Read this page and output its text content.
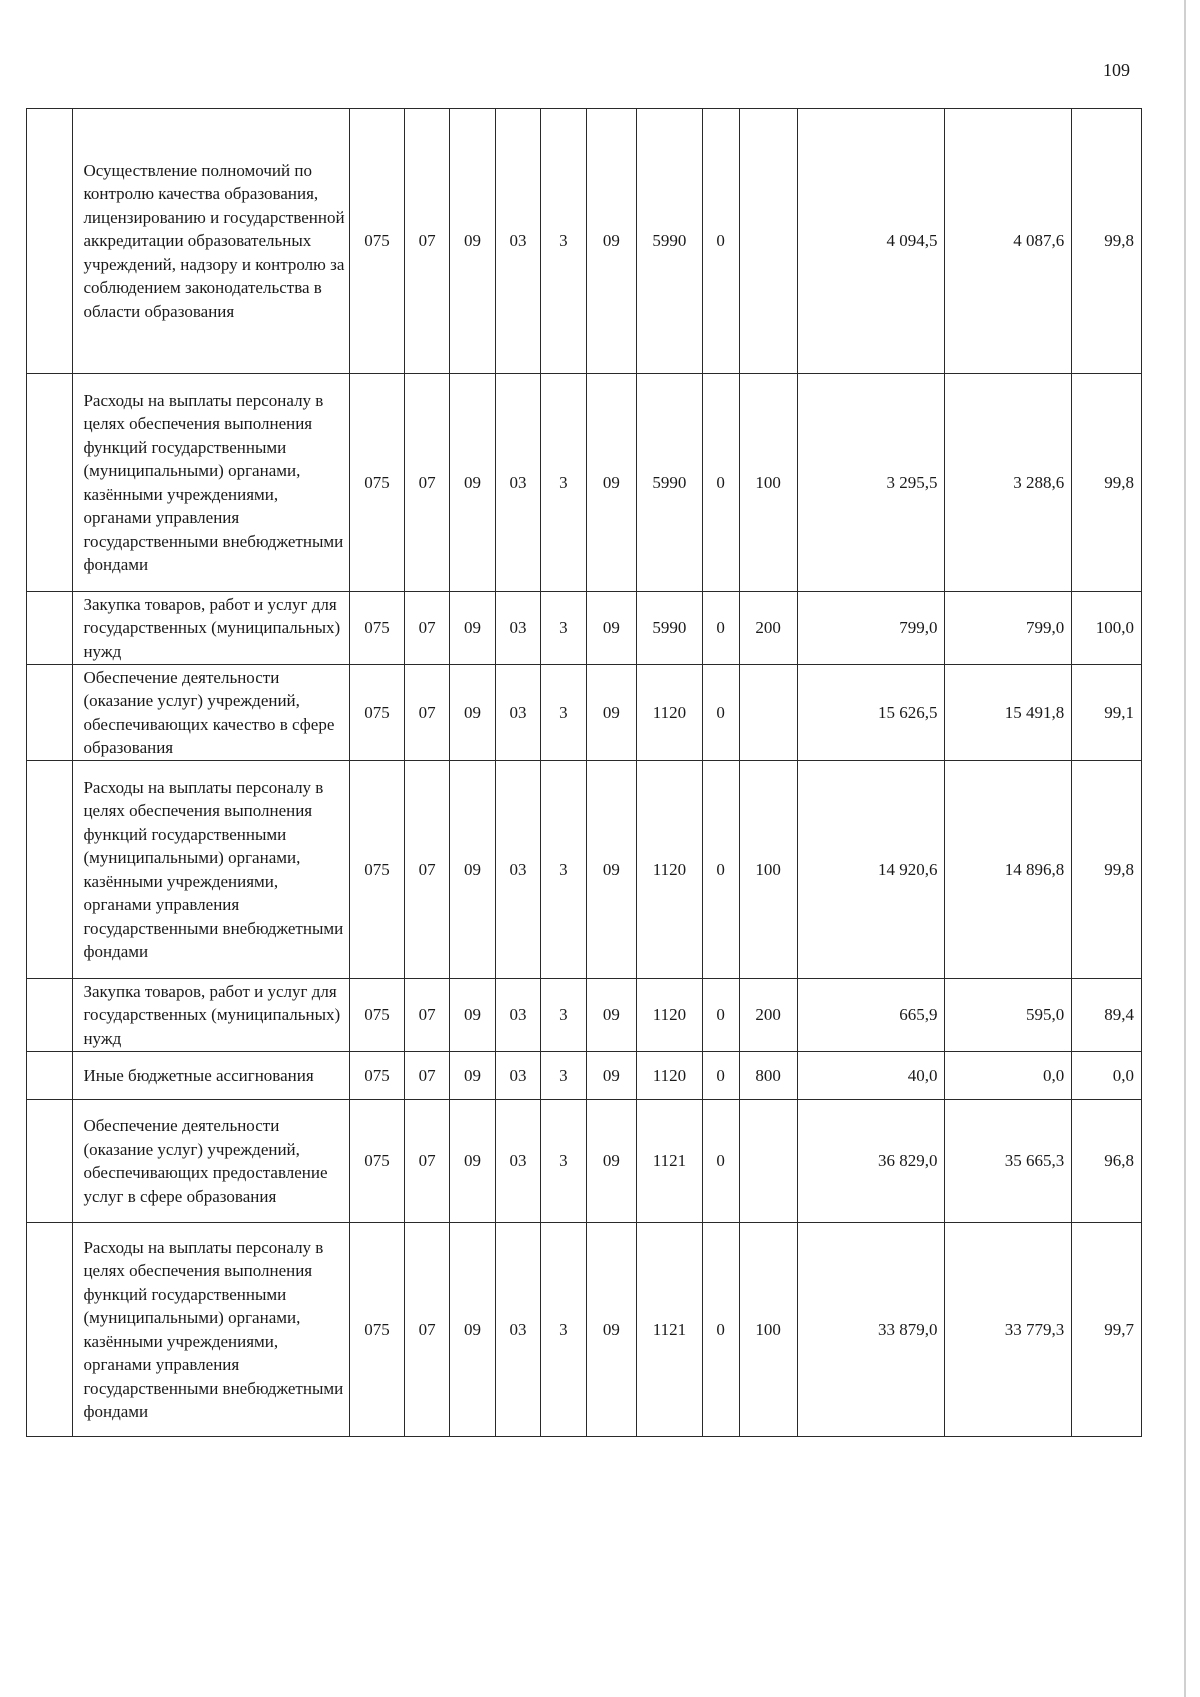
109
	Осуществление полномочий по контролю качества образования, лицензированию и государственной аккредитации образовательных учреждений, надзору и контролю за соблюдением законодательства в области образования	075	07	09	03	3	09	5990	0		4 094,5	4 087,6	99,8
	Расходы на выплаты персоналу в целях обеспечения выполнения функций государственными (муниципальными) органами, казёнными учреждениями, органами управления государственными внебюджетными фондами	075	07	09	03	3	09	5990	0	100	3 295,5	3 288,6	99,8
	Закупка товаров, работ и услуг для государственных (муниципальных) нужд	075	07	09	03	3	09	5990	0	200	799,0	799,0	100,0
	Обеспечение деятельности (оказание услуг) учреждений, обеспечивающих качество в сфере образования	075	07	09	03	3	09	1120	0		15 626,5	15 491,8	99,1
	Расходы на выплаты персоналу в целях обеспечения выполнения функций государственными (муниципальными) органами, казёнными учреждениями, органами управления государственными внебюджетными фондами	075	07	09	03	3	09	1120	0	100	14 920,6	14 896,8	99,8
	Закупка товаров, работ и услуг для государственных (муниципальных) нужд	075	07	09	03	3	09	1120	0	200	665,9	595,0	89,4
	Иные бюджетные ассигнования	075	07	09	03	3	09	1120	0	800	40,0	0,0	0,0
	Обеспечение деятельности (оказание услуг) учреждений, обеспечивающих предоставление услуг в сфере образования	075	07	09	03	3	09	1121	0		36 829,0	35 665,3	96,8
	Расходы на выплаты персоналу в целях обеспечения выполнения функций государственными (муниципальными) органами, казёнными учреждениями, органами управления государственными внебюджетными фондами	075	07	09	03	3	09	1121	0	100	33 879,0	33 779,3	99,7
